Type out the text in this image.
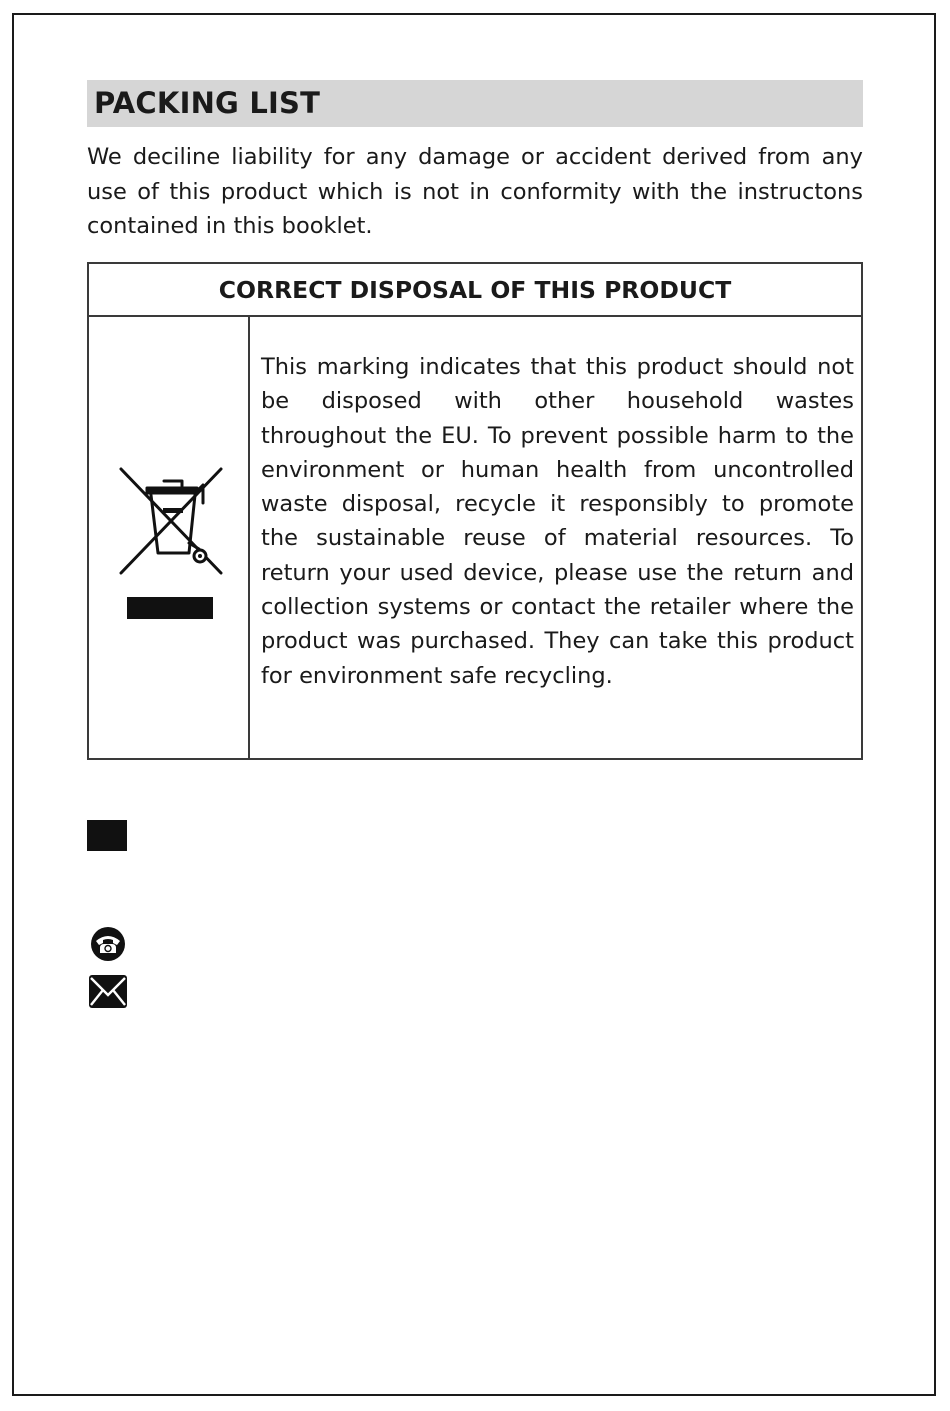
PACKING LIST

We deciline liability for any damage or accident derived from any use of this product which is not in conformity with the instructons contained in this booklet.

CORRECT DISPOSAL OF THIS PRODUCT

This marking indicates that this product should not be disposed with other household wastes throughout the EU. To prevent possible harm to the environment or human health from uncontrolled waste disposal, recycle it responsibly to promote the sustainable reuse of material resources. To return your used device, please use the return and collection systems or contact the retailer where the product was purchased. They can take this product for environment safe recycling.
